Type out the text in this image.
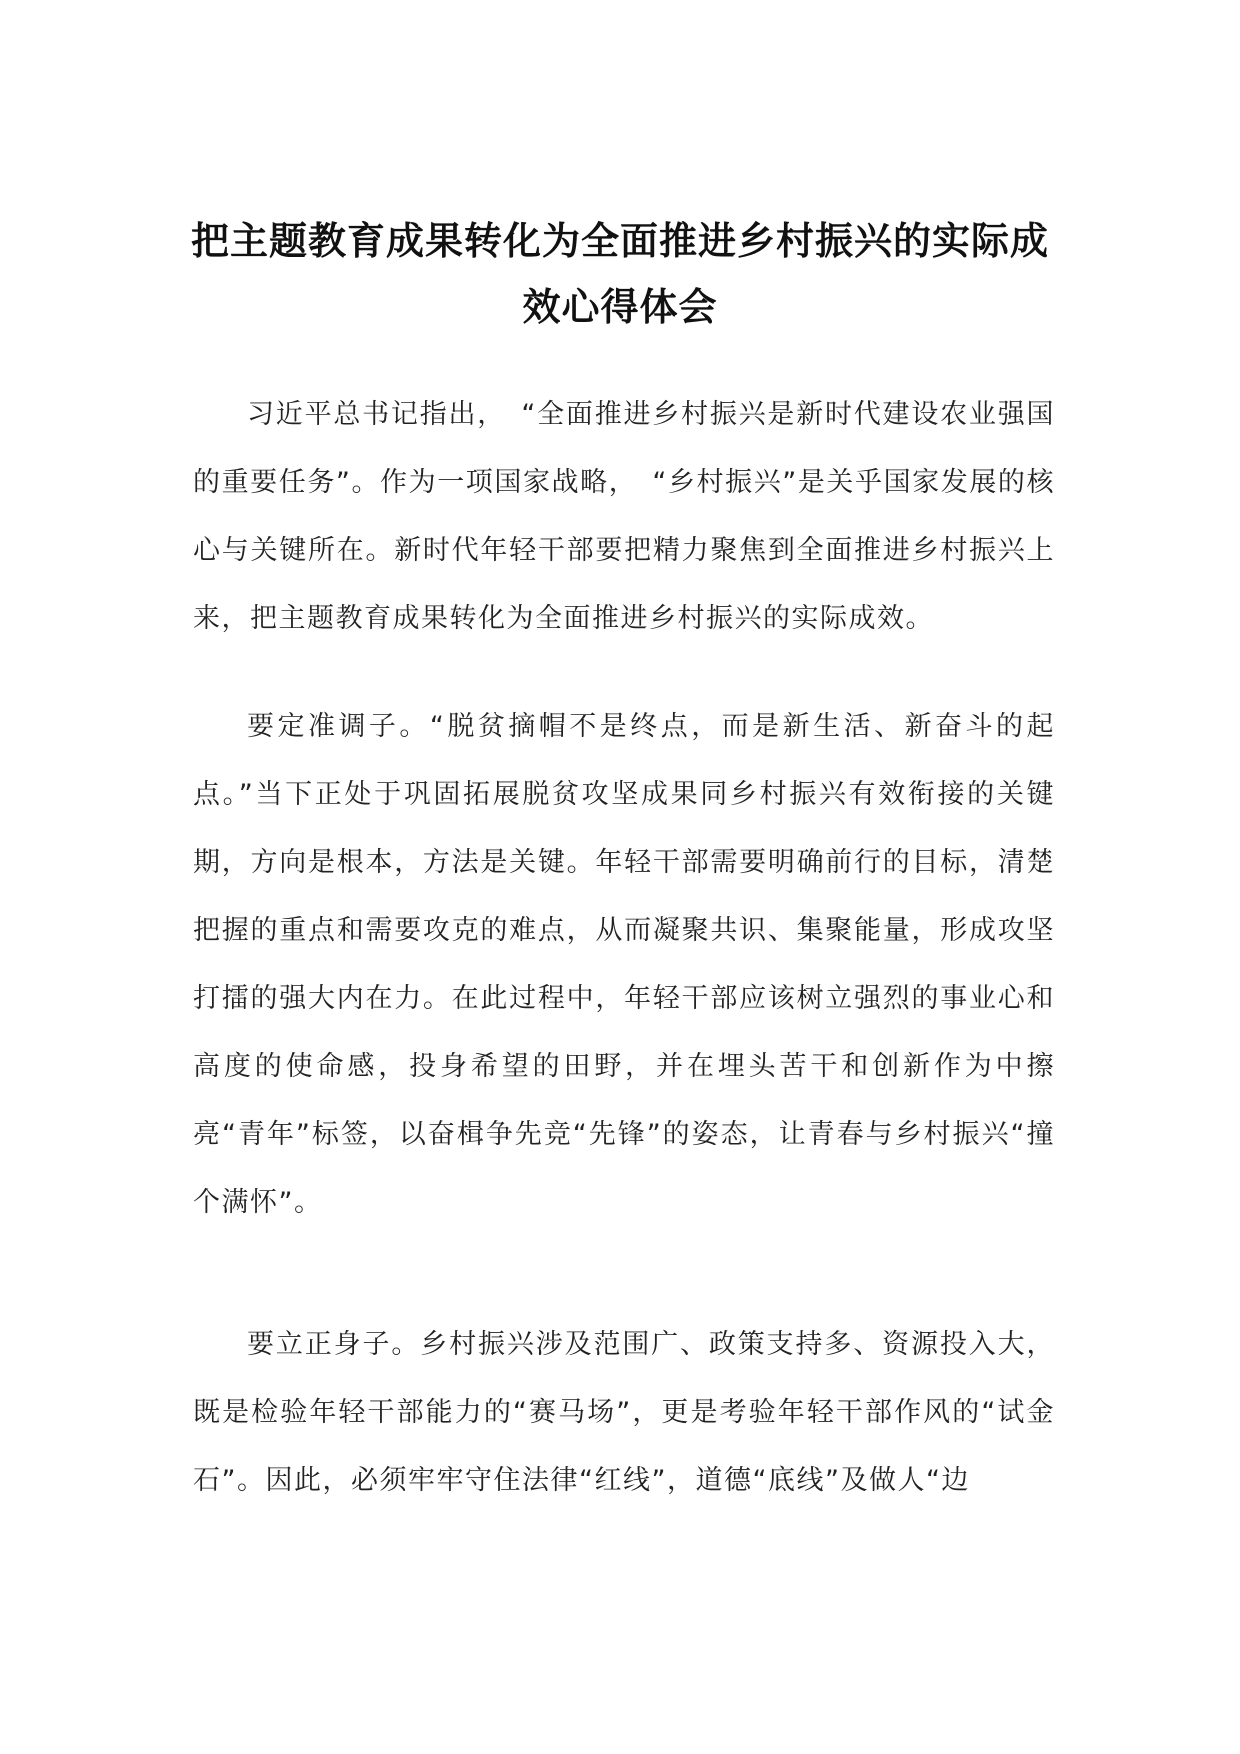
把主题教育成果转化为全面推进乡村振兴的实际成
效心得体会

习近平总书记指出，　“全面推进乡村振兴是新时代建设农业强国的重要任务”。作为一项国家战略，　“乡村振兴”是关乎国家发展的核心与关键所在。新时代年轻干部要把精力聚焦到全面推进乡村振兴上来，把主题教育成果转化为全面推进乡村振兴的实际成效。

要定准调子。“脱贫摘帽不是终点，而是新生活、新奋斗的起点。”当下正处于巩固拓展脱贫攻坚成果同乡村振兴有效衔接的关键期，方向是根本，方法是关键。年轻干部需要明确前行的目标，清楚把握的重点和需要攻克的难点，从而凝聚共识、集聚能量，形成攻坚打擂的强大内在力。在此过程中，年轻干部应该树立强烈的事业心和高度的使命感，投身希望的田野，并在埋头苦干和创新作为中擦亮“青年”标签，以奋楫争先竞“先锋”的姿态，让青春与乡村振兴“撞个满怀”。

要立正身子。乡村振兴涉及范围广、政策支持多、资源投入大，既是检验年轻干部能力的“赛马场”，更是考验年轻干部作风的“试金石”。因此，必须牢牢守住法律“红线”，道德“底线”及做人“边
